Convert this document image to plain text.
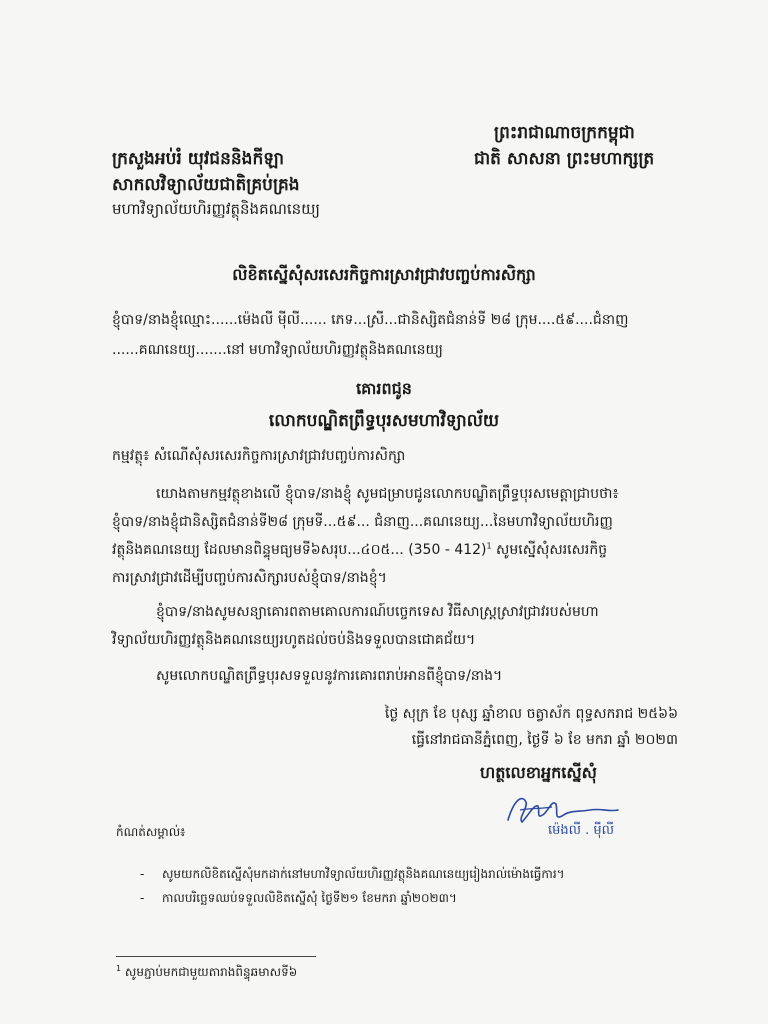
ព្រះរាជាណាចក្រកម្ពុជា
ជាតិ សាសនា ព្រះមហាក្សត្រ
ក្រសួងអប់រំ យុវជននិងកីឡា
សាកលវិទ្យាល័យជាតិគ្រប់គ្រង
មហាវិទ្យាល័យហិរញ្ញវត្ថុនិងគណនេយ្យ
លិខិតស្នើសុំសរសេរកិច្ចការស្រាវជ្រាវបញ្ចប់ការសិក្សា
ខ្ញុំបាទ/នាងខ្ញុំឈ្មោះ......ម៉េងលី ម៉ីលី...... ភេទ...ស្រី...ជានិស្សិតជំនាន់ទី ២៨ ក្រុម....៥៩....ជំនាញ
......គណនេយ្យ.......នៅ មហាវិទ្យាល័យហិរញ្ញវត្ថុនិងគណនេយ្យ
គោរពជូន
លោកបណ្ឌិតព្រឹទ្ធបុរសមហាវិទ្យាល័យ
កម្មវត្ថុ៖ សំណើសុំសរសេរកិច្ចការស្រាវជ្រាវបញ្ចប់ការសិក្សា
យោងតាមកម្មវត្ថុខាងលើ ខ្ញុំបាទ/នាងខ្ញុំ សូមជម្រាបជូនលោកបណ្ឌិតព្រឹទ្ធបុរសមេត្តាជ្រាបថា៖
ខ្ញុំបាទ/នាងខ្ញុំជានិស្សិតជំនាន់ទី២៨ ក្រុមទី...៥៩... ជំនាញ...គណនេយ្យ...នៃមហាវិទ្យាល័យហិរញ្ញ
វត្ថុនិងគណនេយ្យ ដែលមានពិន្ទុមធ្យមទី៦សរុប...៤០៥... (350 - 412)$^1$ សូមស្នើសុំសរសេរកិច្ច
ការស្រាវជ្រាវដើម្បីបញ្ចប់ការសិក្សារបស់ខ្ញុំបាទ/នាងខ្ញុំ។
ខ្ញុំបាទ/នាងសូមសន្យាគោរពតាមគោលការណ៍បច្ចេកទេស វិធីសាស្ត្រស្រាវជ្រាវរបស់មហា
វិទ្យាល័យហិរញ្ញវត្ថុនិងគណនេយ្យរហូតដល់ចប់និងទទួលបានជោគជ័យ។
សូមលោកបណ្ឌិតព្រឹទ្ធបុរសទទួលនូវការគោរពរាប់អានពីខ្ញុំបាទ/នាង។
ថ្ងៃ សុក្រ ខែ បុស្ស ឆ្នាំខាល ចត្វាស័ក ពុទ្ធសករាជ ២៥៦៦
ធ្វើនៅរាជធានីភ្នំពេញ, ថ្ងៃទី ៦ ខែ មករា ឆ្នាំ ២០២៣
ហត្ថលេខាអ្នកស្នើសុំ
ម៉េងលី . ម៉ីលី
កំណត់សម្គាល់៖
- សូមយកលិខិតស្នើសុំមកដាក់នៅមហាវិទ្យាល័យហិរញ្ញវត្ថុនិងគណនេយ្យរៀងរាល់ម៉ោងធ្វើការ។
- កាលបរិច្ឆេទឈប់ទទួលលិខិតស្នើសុំ ថ្ងៃទី២១ ខែមករា ឆ្នាំ២០២៣។
$^1$ សូមភ្ជាប់មកជាមួយតារាងពិន្ទុឆមាសទី៦
